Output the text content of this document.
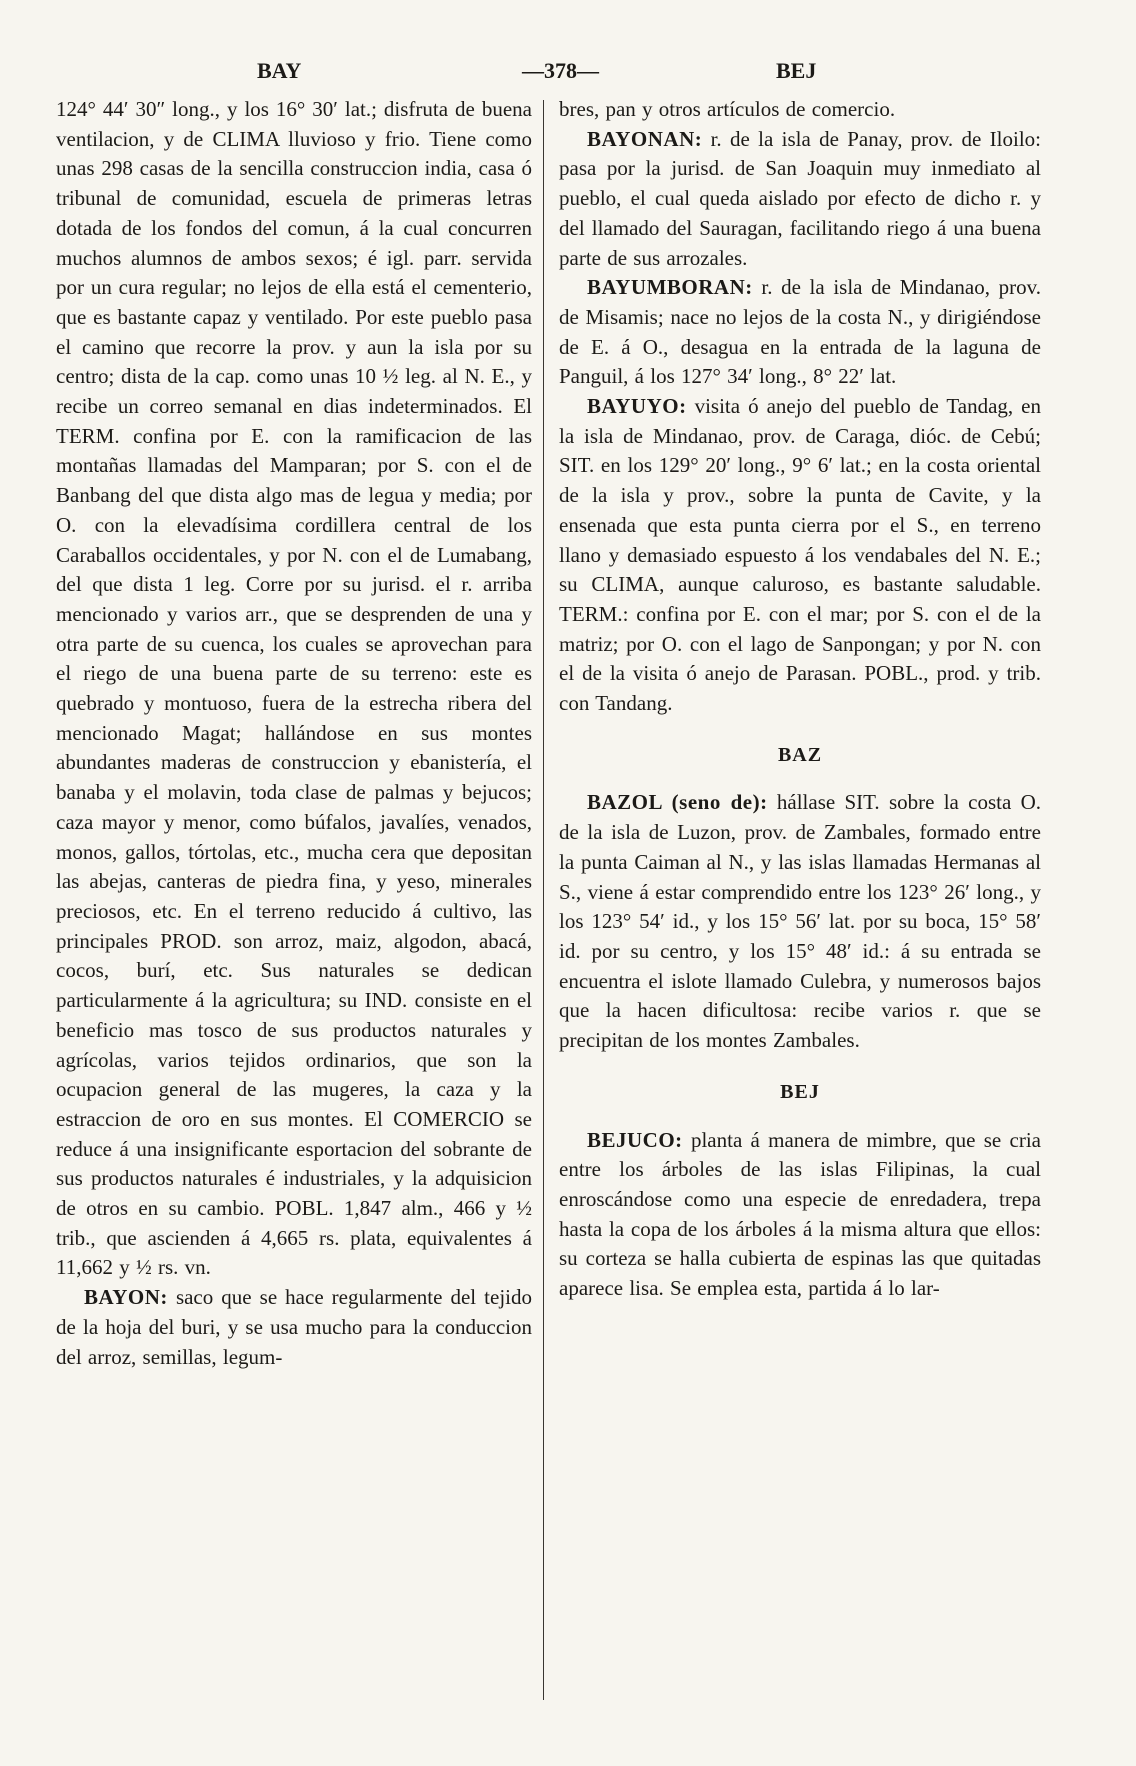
BAY	—378—	BEJ

124° 44′ 30″ long., y los 16° 30′ lat.; disfruta de buena ventilacion, y de CLIMA lluvioso y frio. Tiene como unas 298 casas de la sencilla construccion india, casa ó tribunal de comunidad, escuela de primeras letras dotada de los fondos del comun, á la cual concurren muchos alumnos de ambos sexos; é igl. parr. servida por un cura regular; no lejos de ella está el cementerio, que es bastante capaz y ventilado. Por este pueblo pasa el camino que recorre la prov. y aun la isla por su centro; dista de la cap. como unas 10 ½ leg. al N. E., y recibe un correo semanal en dias indeterminados. El TERM. confina por E. con la ramificacion de las montañas llamadas del Mamparan; por S. con el de Banbang del que dista algo mas de legua y media; por O. con la elevadísima cordillera central de los Caraballos occidentales, y por N. con el de Lumabang, del que dista 1 leg. Corre por su jurisd. el r. arriba mencionado y varios arr., que se desprenden de una y otra parte de su cuenca, los cuales se aprovechan para el riego de una buena parte de su terreno: este es quebrado y montuoso, fuera de la estrecha ribera del mencionado Magat; hallándose en sus montes abundantes maderas de construccion y ebanistería, el banaba y el molavin, toda clase de palmas y bejucos; caza mayor y menor, como búfalos, javalíes, venados, monos, gallos, tórtolas, etc., mucha cera que depositan las abejas, canteras de piedra fina, y yeso, minerales preciosos, etc. En el terreno reducido á cultivo, las principales PROD. son arroz, maiz, algodon, abacá, cocos, burí, etc. Sus naturales se dedican particularmente á la agricultura; su IND. consiste en el beneficio mas tosco de sus productos naturales y agrícolas, varios tejidos ordinarios, que son la ocupacion general de las mugeres, la caza y la estraccion de oro en sus montes. El COMERCIO se reduce á una insignificante esportacion del sobrante de sus productos naturales é industriales, y la adquisicion de otros en su cambio. POBL. 1,847 alm., 466 y ½ trib., que ascienden á 4,665 rs. plata, equivalentes á 11,662 y ½ rs. vn.

BAYON: saco que se hace regularmente del tejido de la hoja del buri, y se usa mucho para la conduccion del arroz, semillas, legum-

bres, pan y otros artículos de comercio.

BAYONAN: r. de la isla de Panay, prov. de Iloilo: pasa por la jurisd. de San Joaquin muy inmediato al pueblo, el cual queda aislado por efecto de dicho r. y del llamado del Sauragan, facilitando riego á una buena parte de sus arrozales.

BAYUMBORAN: r. de la isla de Mindanao, prov. de Misamis; nace no lejos de la costa N., y dirigiéndose de E. á O., desagua en la entrada de la laguna de Panguil, á los 127° 34′ long., 8° 22′ lat.

BAYUYO: visita ó anejo del pueblo de Tandag, en la isla de Mindanao, prov. de Caraga, dióc. de Cebú; SIT. en los 129° 20′ long., 9° 6′ lat.; en la costa oriental de la isla y prov., sobre la punta de Cavite, y la ensenada que esta punta cierra por el S., en terreno llano y demasiado espuesto á los vendabales del N. E.; su CLIMA, aunque caluroso, es bastante saludable. TERM.: confina por E. con el mar; por S. con el de la matriz; por O. con el lago de Sanpongan; y por N. con el de la visita ó anejo de Parasan. POBL., prod. y trib. con Tandang.

BAZ

BAZOL (seno de): hállase SIT. sobre la costa O. de la isla de Luzon, prov. de Zambales, formado entre la punta Caiman al N., y las islas llamadas Hermanas al S., viene á estar comprendido entre los 123° 26′ long., y los 123° 54′ id., y los 15° 56′ lat. por su boca, 15° 58′ id. por su centro, y los 15° 48′ id.: á su entrada se encuentra el islote llamado Culebra, y numerosos bajos que la hacen dificultosa: recibe varios r. que se precipitan de los montes Zambales.

BEJ

BEJUCO: planta á manera de mimbre, que se cria entre los árboles de las islas Filipinas, la cual enroscándose como una especie de enredadera, trepa hasta la copa de los árboles á la misma altura que ellos: su corteza se halla cubierta de espinas las que quitadas aparece lisa. Se emplea esta, partida á lo lar-
